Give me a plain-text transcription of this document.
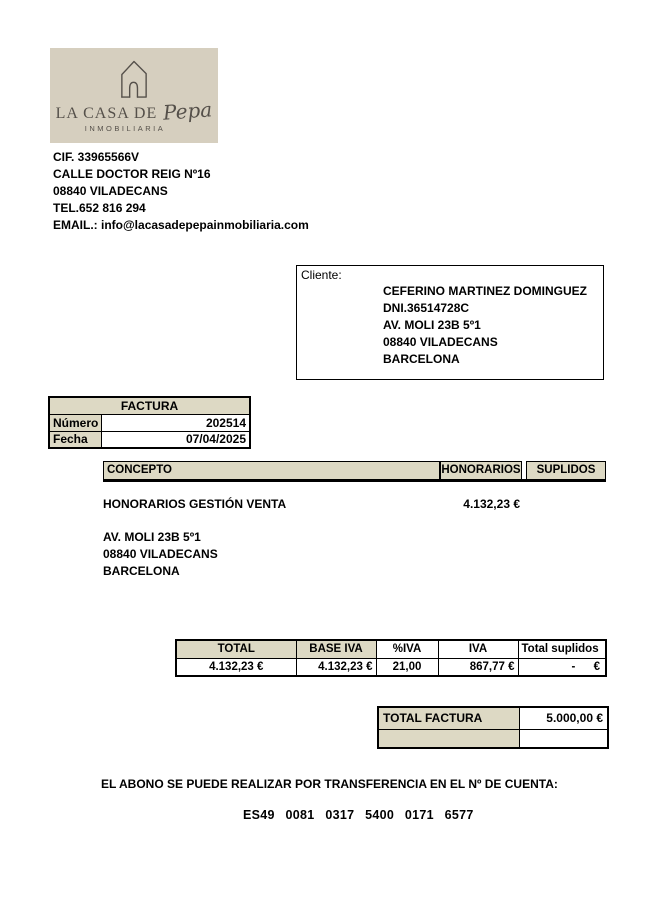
LA CASA DE Pepa
INMOBILIARIA
CIF. 33965566V
CALLE DOCTOR REIG Nº16
08840 VILADECANS
TEL.652 816 294
EMAIL.: info@lacasadepepainmobiliaria.com
Cliente:
CEFERINO MARTINEZ DOMINGUEZ
DNI.36514728C
AV. MOLI 23B 5º1
08840 VILADECANS
BARCELONA
FACTURA	
Número	202514
Fecha	07/04/2025
CONCEPTO	HONORARIOS	SUPLIDOS
HONORARIOS GESTIÓN VENTA	4.132,23 €
AV. MOLI 23B 5º1
08840 VILADECANS
BARCELONA
TOTAL	BASE IVA	%IVA	IVA	Total suplidos
4.132,23 €	4.132,23 €	21,00	867,77 €	- €
TOTAL FACTURA	5.000,00 €

EL ABONO SE PUEDE REALIZAR POR TRANSFERENCIA EN EL Nº DE CUENTA:
ES49 0081 0317 5400 0171 6577
